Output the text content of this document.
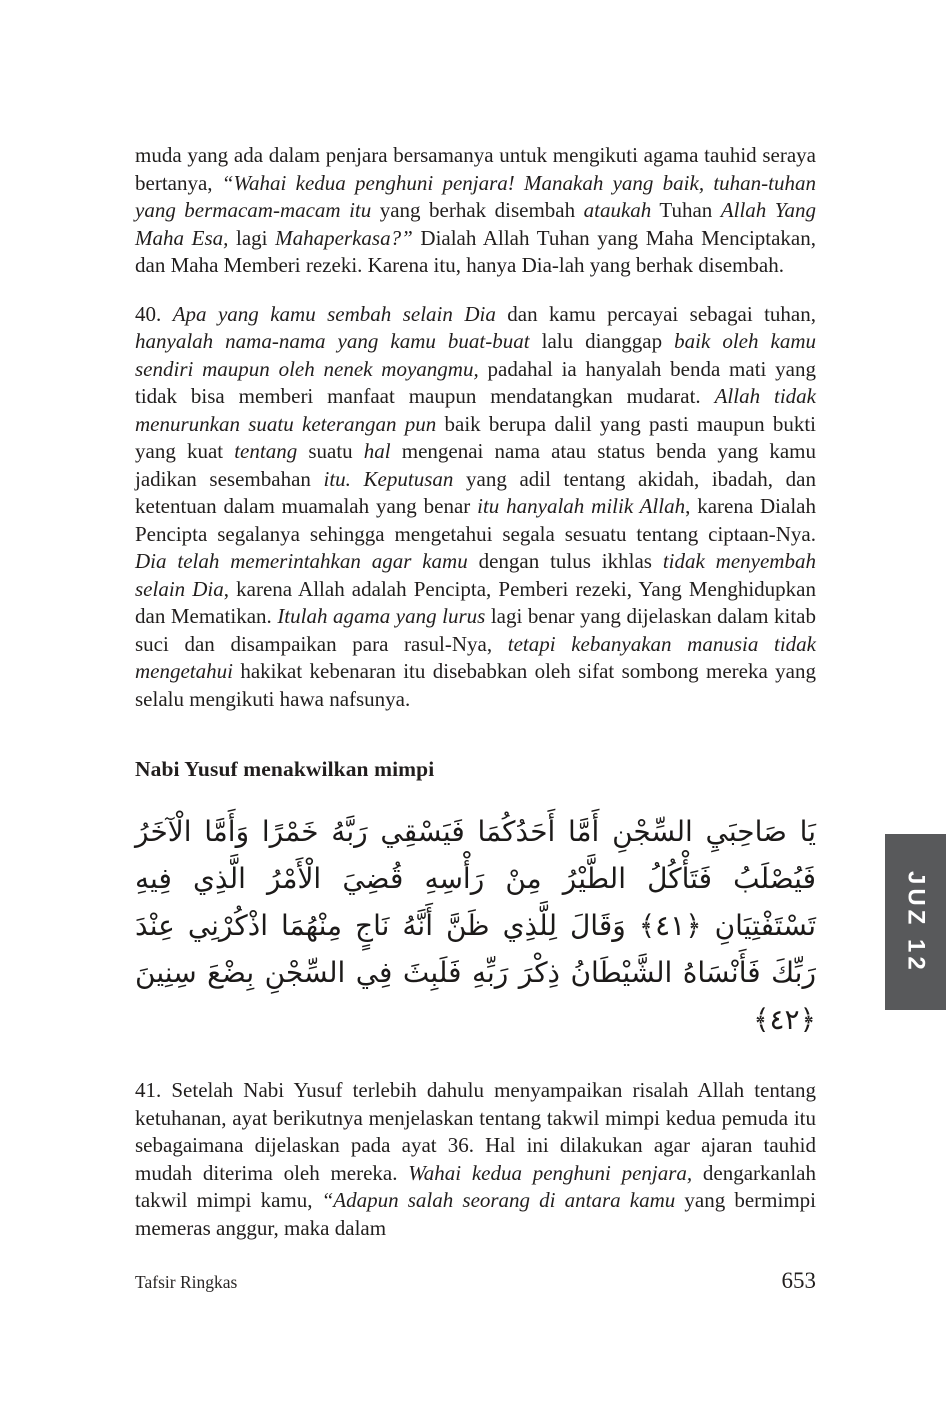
muda yang ada dalam penjara bersamanya untuk mengikuti agama tauhid seraya bertanya, “Wahai kedua penghuni penjara! Manakah yang baik, tuhan-tuhan yang bermacam-macam itu yang berhak disembah ataukah Tuhan Allah Yang Maha Esa, lagi Mahaperkasa?” Dialah Allah Tuhan yang Maha Menciptakan, dan Maha Memberi rezeki. Karena itu, hanya Dia-lah yang berhak disembah.

40. Apa yang kamu sembah selain Dia dan kamu percayai sebagai tuhan, hanyalah nama-nama yang kamu buat-buat lalu dianggap baik oleh kamu sendiri maupun oleh nenek moyangmu, padahal ia hanyalah benda mati yang tidak bisa memberi manfaat maupun mendatangkan mudarat. Allah tidak menurunkan suatu keterangan pun baik berupa dalil yang pasti maupun bukti yang kuat tentang suatu hal mengenai nama atau status benda yang kamu jadikan sesembahan itu. Keputusan yang adil tentang akidah, ibadah, dan ketentuan dalam muamalah yang benar itu hanyalah milik Allah, karena Dialah Pencipta segalanya sehingga mengetahui segala sesuatu tentang ciptaan-Nya. Dia telah memerintahkan agar kamu dengan tulus ikhlas tidak menyembah selain Dia, karena Allah adalah Pencipta, Pemberi rezeki, Yang Menghidupkan dan Mematikan. Itulah agama yang lurus lagi benar yang dijelaskan dalam kitab suci dan disampaikan para rasul-Nya, tetapi kebanyakan manusia tidak mengetahui hakikat kebenaran itu disebabkan oleh sifat sombong mereka yang selalu mengikuti hawa nafsunya.

Nabi Yusuf menakwilkan mimpi

يَا صَاحِبَيِ السِّجْنِ أَمَّا أَحَدُكُمَا فَيَسْقِي رَبَّهُ خَمْرًا وَأَمَّا الْآخَرُ فَيُصْلَبُ فَتَأْكُلُ الطَّيْرُ مِنْ رَأْسِهِ قُضِيَ الْأَمْرُ الَّذِي فِيهِ تَسْتَفْتِيَانِ ﴿٤١﴾ وَقَالَ لِلَّذِي ظَنَّ أَنَّهُ نَاجٍ مِنْهُمَا اذْكُرْنِي عِنْدَ رَبِّكَ فَأَنْسَاهُ الشَّيْطَانُ ذِكْرَ رَبِّهِ فَلَبِثَ فِي السِّجْنِ بِضْعَ سِنِينَ ﴿٤٢﴾

41. Setelah Nabi Yusuf terlebih dahulu menyampaikan risalah Allah tentang ketuhanan, ayat berikutnya menjelaskan tentang takwil mimpi kedua pemuda itu sebagaimana dijelaskan pada ayat 36. Hal ini dilakukan agar ajaran tauhid mudah diterima oleh mereka. Wahai kedua penghuni penjara, dengarkanlah takwil mimpi kamu, “Adapun salah seorang di antara kamu yang bermimpi memeras anggur, maka dalam

JUZ 12
Tafsir Ringkas	653
